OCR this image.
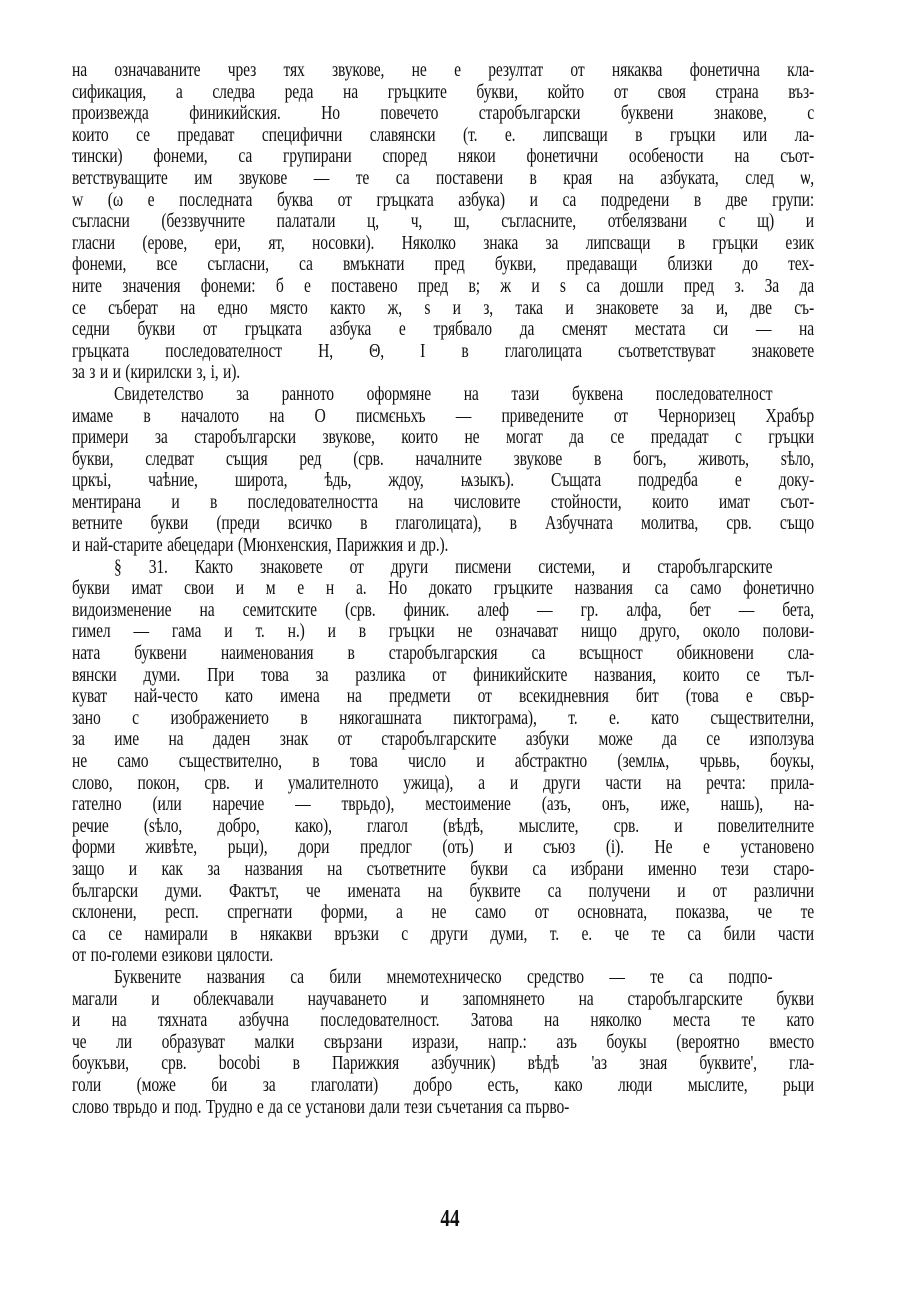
на означаваните чрез тях звукове, не е резултат от някаква фонетична кла-
сификация, а следва реда на гръцките букви, който от своя страна въз-
произвежда финикийския. Но повечето старобългарски буквени знакове, с
които се предават специфични славянски (т. е. липсващи в гръцки или ла-
тински) фонеми, са групирани според някои фонетични особености на съот-
ветствуващите им звукове — те са поставени в края на азбуката, след ѡ,
w (ω е последната буква от гръцката азбука) и са подредени в две групи:
съгласни (беззвучните палатали ц, ч, ш, съгласните, отбелязвани с щ) и
гласни (ерове, ери, ят, носовки). Няколко знака за липсващи в гръцки език
фонеми, все съгласни, са вмъкнати пред букви, предаващи близки до тех-
ните значения фонеми: б е поставено пред в; ж и ѕ са дошли пред з. За да
се съберат на едно място както ж, ѕ и з, така и знаковете за и, две съ-
седни букви от гръцката азбука е трябвало да сменят местата си — на
гръцката последователност Η, Θ, Ι в глаголицата съответствуват знаковете
за з и и (кирилски з, і, и).
Свидетелство за ранното оформяне на тази буквена последователност
имаме в началото на О писмєньхъ — приведените от Черноризец Храбър
примери за старобългарски звукове, които не могат да се предадат с гръцки
букви, следват същия ред (срв. началните звукове в богъ, животь, ѕѣло,
цркъі, чаѣние, широта, ѣдь, ждоу, ѩзыкъ). Същата подредба е доку-
ментирана и в последователността на числовите стойности, които имат съот-
ветните букви (преди всичко в глаголицата), в Азбучната молитва, срв. също
и най-старите абецедари (Мюнхенския, Парижкия и др.).
§ 31. Както знаковете от други писмени системи, и старобългарските
букви имат свои и м е н а. Но докато гръцките названия са само фонетично
видоизменение на семитските (срв. финик. алеф — гр. алфа, бет — бета,
гимел — гама и т. н.) и в гръцки не означават нищо друго, около полови-
ната буквени наименования в старобългарския са всъщност обикновени сла-
вянски думи. При това за разлика от финикийските названия, които се тъл-
куват най-често като имена на предмети от всекидневния бит (това е свър-
зано с изображението в някогашната пиктограма), т. е. като съществителни,
за име на даден знак от старобългарските азбуки може да се използува
не само съществително, в това число и абстрактно (землѩ, чрьвь, боукы,
слово, покон, срв. и умалителното ужица), а и други части на речта: прила-
гателно (или наречие — тврьдо), местоимение (азъ, онъ, иже, нашь), на-
речие (ѕѣло, добро, како), глагол (вѣдѣ, мыслите, срв. и повелителните
форми живѣте, рьци), дори предлог (оть) и съюз (і). Не е установено
защо и как за названия на съответните букви са избрани именно тези старо-
български думи. Фактът, че имената на буквите са получени и от различни
склонени, респ. спрегнати форми, а не само от основната, показва, че те
са се намирали в някакви връзки с други думи, т. е. че те са били части
от по-големи езикови цялости.
Буквените названия са били мнемотехническо средство — те са подпо-
магали и облекчавали научаването и запомнянето на старобългарските букви
и на тяхната азбучна последователност. Затова на няколко места те като
че ли образуват малки свързани изрази, напр.: азъ боукы (вероятно вместо
боукъви, срв. bocobi в Парижкия азбучник) вѣдѣ 'аз зная буквите', гла-
голи (може би за глаголати) добро есть, како люди мыслите, рьци
слово тврьдо и под. Трудно е да се установи дали тези съчетания са първо-
44
